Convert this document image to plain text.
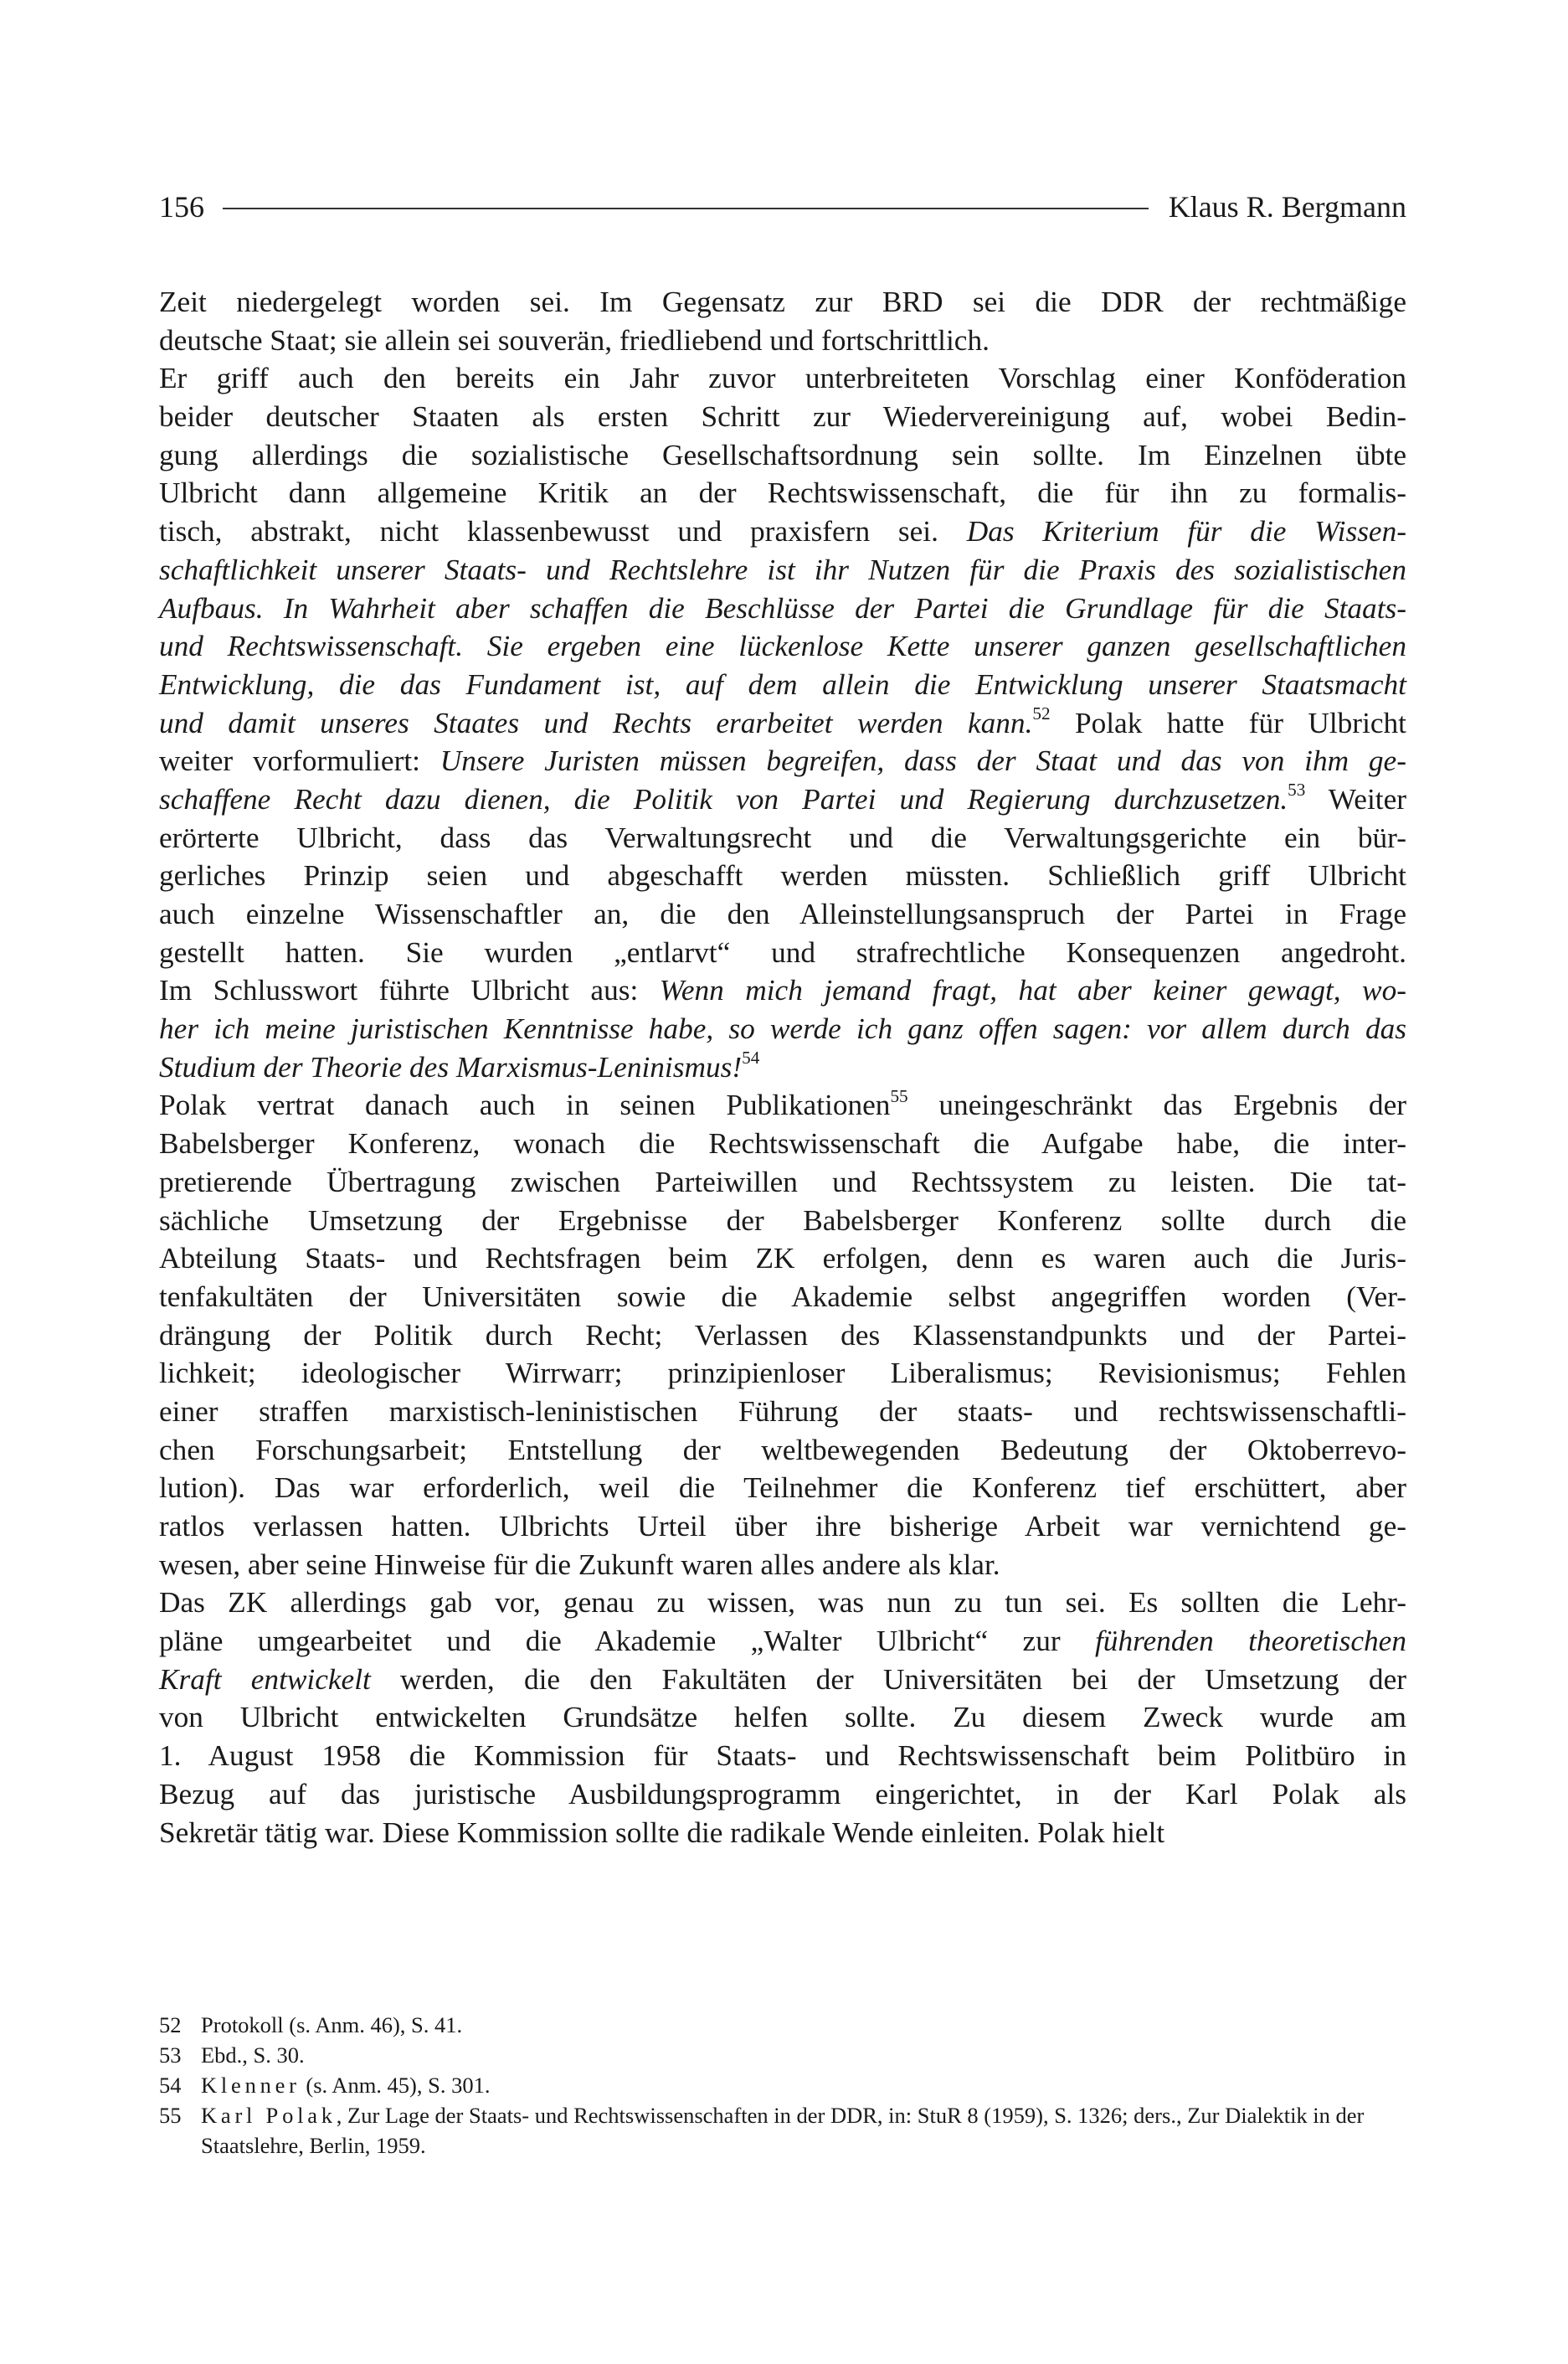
156	Klaus R. Bergmann
Zeit niedergelegt worden sei. Im Gegensatz zur BRD sei die DDR der rechtmäßige
deutsche Staat; sie allein sei souverän, friedliebend und fortschrittlich.
Er griff auch den bereits ein Jahr zuvor unterbreiteten Vorschlag einer Konföderation
beider deutscher Staaten als ersten Schritt zur Wiedervereinigung auf, wobei Bedin-
gung allerdings die sozialistische Gesellschaftsordnung sein sollte. Im Einzelnen übte
Ulbricht dann allgemeine Kritik an der Rechtswissenschaft, die für ihn zu formalis-
tisch, abstrakt, nicht klassenbewusst und praxisfern sei. Das Kriterium für die Wissen-
schaftlichkeit unserer Staats- und Rechtslehre ist ihr Nutzen für die Praxis des sozialistischen
Aufbaus. In Wahrheit aber schaffen die Beschlüsse der Partei die Grundlage für die Staats-
und Rechtswissenschaft. Sie ergeben eine lückenlose Kette unserer ganzen gesellschaftlichen
Entwicklung, die das Fundament ist, auf dem allein die Entwicklung unserer Staatsmacht
und damit unseres Staates und Rechts erarbeitet werden kann.$^{52}$ Polak hatte für Ulbricht
weiter vorformuliert: Unsere Juristen müssen begreifen, dass der Staat und das von ihm ge-
schaffene Recht dazu dienen, die Politik von Partei und Regierung durchzusetzen.$^{53}$ Weiter
erörterte Ulbricht, dass das Verwaltungsrecht und die Verwaltungsgerichte ein bür-
gerliches Prinzip seien und abgeschafft werden müssten. Schließlich griff Ulbricht
auch einzelne Wissenschaftler an, die den Alleinstellungsanspruch der Partei in Frage
gestellt hatten. Sie wurden „entlarvt“ und strafrechtliche Konsequenzen angedroht.
Im Schlusswort führte Ulbricht aus: Wenn mich jemand fragt, hat aber keiner gewagt, wo-
her ich meine juristischen Kenntnisse habe, so werde ich ganz offen sagen: vor allem durch das
Studium der Theorie des Marxismus-Leninismus!$^{54}$
Polak vertrat danach auch in seinen Publikationen$^{55}$ uneingeschränkt das Ergebnis der
Babelsberger Konferenz, wonach die Rechtswissenschaft die Aufgabe habe, die inter-
pretierende Übertragung zwischen Parteiwillen und Rechtssystem zu leisten. Die tat-
sächliche Umsetzung der Ergebnisse der Babelsberger Konferenz sollte durch die
Abteilung Staats- und Rechtsfragen beim ZK erfolgen, denn es waren auch die Juris-
tenfakultäten der Universitäten sowie die Akademie selbst angegriffen worden (Ver-
drängung der Politik durch Recht; Verlassen des Klassenstandpunkts und der Partei-
lichkeit; ideologischer Wirrwarr; prinzipienloser Liberalismus; Revisionismus; Fehlen
einer straffen marxistisch-leninistischen Führung der staats- und rechtswissenschaftli-
chen Forschungsarbeit; Entstellung der weltbewegenden Bedeutung der Oktoberrevo-
lution). Das war erforderlich, weil die Teilnehmer die Konferenz tief erschüttert, aber
ratlos verlassen hatten. Ulbrichts Urteil über ihre bisherige Arbeit war vernichtend ge-
wesen, aber seine Hinweise für die Zukunft waren alles andere als klar.
Das ZK allerdings gab vor, genau zu wissen, was nun zu tun sei. Es sollten die Lehr-
pläne umgearbeitet und die Akademie „Walter Ulbricht“ zur führenden theoretischen
Kraft entwickelt werden, die den Fakultäten der Universitäten bei der Umsetzung der
von Ulbricht entwickelten Grundsätze helfen sollte. Zu diesem Zweck wurde am
1. August 1958 die Kommission für Staats- und Rechtswissenschaft beim Politbüro in
Bezug auf das juristische Ausbildungsprogramm eingerichtet, in der Karl Polak als
Sekretär tätig war. Diese Kommission sollte die radikale Wende einleiten. Polak hielt
52 Protokoll (s. Anm. 46), S. 41.
53 Ebd., S. 30.
54 Klenner (s. Anm. 45), S. 301.
55 Karl Polak, Zur Lage der Staats- und Rechtswissenschaften in der DDR, in: StuR 8 (1959), S. 1326; ders., Zur Dialektik in der Staatslehre, Berlin, 1959.
